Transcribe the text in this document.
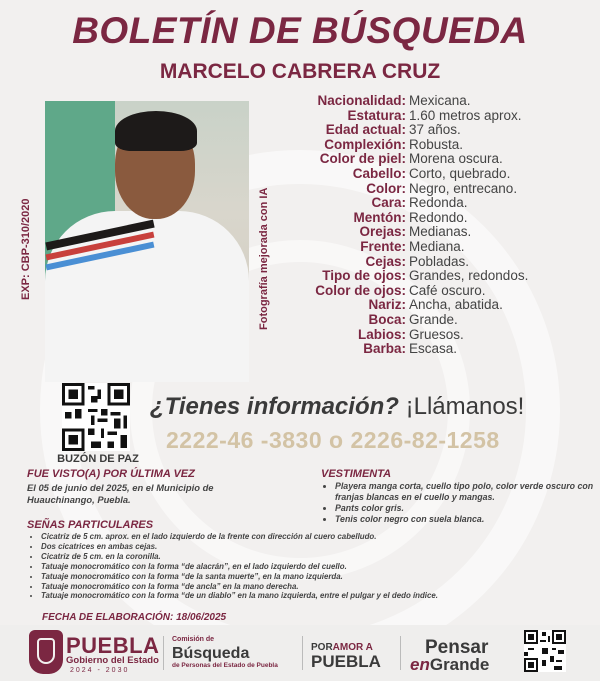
BOLETÍN DE BÚSQUEDA
MARCELO CABRERA CRUZ
EXP: CBP-310/2020	Fotografía mejorada con IA
Nacionalidad: Mexicana.
Estatura: 1.60 metros aprox.
Edad actual: 37 años.
Complexión: Robusta.
Color de piel: Morena oscura.
Cabello: Corto, quebrado.
Color: Negro, entrecano.
Cara: Redonda.
Mentón: Redondo.
Orejas: Medianas.
Frente: Mediana.
Cejas: Pobladas.
Tipo de ojos: Grandes, redondos.
Color de ojos: Café oscuro.
Nariz: Ancha, abatida.
Boca: Grande.
Labios: Gruesos.
Barba: Escasa.
BUZÓN DE PAZ
¿Tienes información? ¡Llámanos!
2222-46 -3830 o 2226-82-1258
FUE VISTO(A) POR ÚLTIMA VEZ
El 05 de junio del 2025, en el Municipio de Huauchinango, Puebla.
VESTIMENTA
• Playera manga corta, cuello tipo polo, color verde oscuro con franjas blancas en el cuello y mangas.
• Pants color gris.
• Tenis color negro con suela blanca.
SEÑAS PARTICULARES
• Cicatriz de 5 cm. aprox. en el lado izquierdo de la frente con dirección al cuero cabelludo.
• Dos cicatrices en ambas cejas.
• Cicatriz de 5 cm. en la coronilla.
• Tatuaje monocromático con la forma “de alacrán”, en el lado izquierdo del cuello.
• Tatuaje monocromático con la forma “de la santa muerte”, en la mano izquierda.
• Tatuaje monocromático con la forma “de ancla” en la mano derecha.
• Tatuaje monocromático con la forma “de un diablo” en la mano izquierda, entre el pulgar y el dedo índice.
FECHA DE ELABORACIÓN: 18/06/2025
PUEBLA
Gobierno del Estado
2024 - 2030
Comisión de
Búsqueda
de Personas del Estado de Puebla
PORAMOR A
PUEBLA
Pensar
enGrande
